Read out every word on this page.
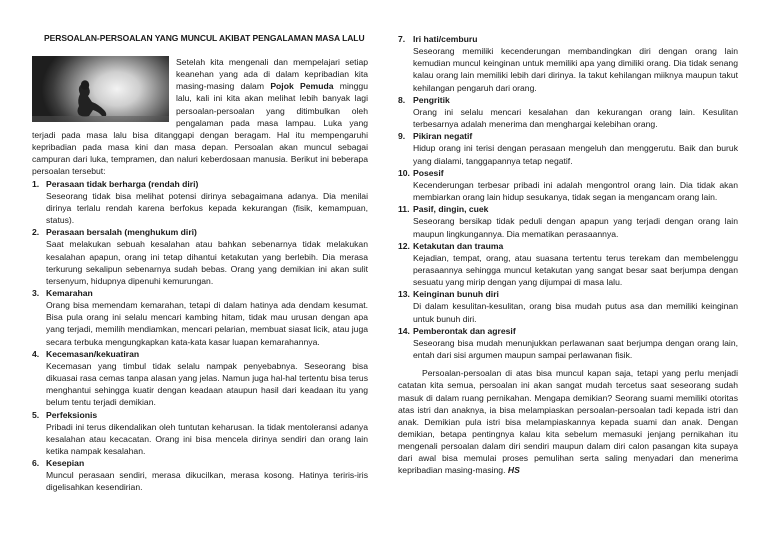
PERSOALAN-PERSOALAN YANG MUNCUL AKIBAT PENGALAMAN MASA LALU

Setelah kita mengenali dan mempelajari setiap keanehan yang ada di dalam kepribadian kita masing-masing dalam Pojok Pemuda minggu lalu, kali ini kita akan melihat lebih banyak lagi persoalan-persoalan yang ditimbulkan oleh pengalaman pada masa lampau. Luka yang terjadi pada masa lalu bisa ditanggapi dengan beragam. Hal itu mempengaruhi kepribadian pada masa kini dan masa depan. Persoalan akan muncul sebagai campuran dari luka, tempramen, dan naluri keberdosaan manusia. Berikut ini beberapa persoalan tersebut:

1. Perasaan tidak berharga (rendah diri)
Seseorang tidak bisa melihat potensi dirinya sebagaimana adanya. Dia menilai dirinya terlalu rendah karena berfokus kepada kekurangan (fisik, kemampuan, status).
2. Perasaan bersalah (menghukum diri)
Saat melakukan sebuah kesalahan atau bahkan sebenarnya tidak melakukan kesalahan apapun, orang ini tetap dihantui ketakutan yang berlebih. Dia merasa terkurung sekalipun sebenarnya sudah bebas. Orang yang demikian ini akan sulit tersenyum, hidupnya dipenuhi kemurungan.
3. Kemarahan
Orang bisa memendam kemarahan, tetapi di dalam hatinya ada dendam kesumat. Bisa pula orang ini selalu mencari kambing hitam, tidak mau urusan dengan apa yang terjadi, memilih mendiamkan, mencari pelarian, membuat siasat licik, atau juga secara terbuka mengungkapkan kata-kata kasar luapan kemarahannya.
4. Kecemasan/kekuatiran
Kecemasan yang timbul tidak selalu nampak penyebabnya. Seseorang bisa dikuasai rasa cemas tanpa alasan yang jelas. Namun juga hal-hal tertentu bisa terus menghantui sehingga kuatir dengan keadaan ataupun hasil dari keadaan itu yang belum tentu terjadi demikian.
5. Perfeksionis
Pribadi ini terus dikendalikan oleh tuntutan keharusan. Ia tidak mentoleransi adanya kesalahan atau kecacatan. Orang ini bisa mencela dirinya sendiri dan orang lain ketika nampak kesalahan.
6. Kesepian
Muncul perasaan sendiri, merasa dikucilkan, merasa kosong. Hatinya teriris-iris digelisahkan kesendirian.
7. Iri hati/cemburu
Seseorang memiliki kecenderungan membandingkan diri dengan orang lain kemudian muncul keinginan untuk memiliki apa yang dimiliki orang. Dia tidak senang kalau orang lain memiliki lebih dari dirinya. Ia takut kehilangan miiknya maupun takut kehilangan pengaruh dari orang.
8. Pengritik
Orang ini selalu mencari kesalahan dan kekurangan orang lain. Kesulitan terbesarnya adalah menerima dan menghargai kelebihan orang.
9. Pikiran negatif
Hidup orang ini terisi dengan perasaan mengeluh dan menggerutu. Baik dan buruk yang dialami, tanggapannya tetap negatif.
10. Posesif
Kecenderungan terbesar pribadi ini adalah mengontrol orang lain. Dia tidak akan membiarkan orang lain hidup sesukanya, tidak segan ia mengancam orang lain.
11. Pasif, dingin, cuek
Seseorang bersikap tidak peduli dengan apapun yang terjadi dengan orang lain maupun lingkungannya. Dia mematikan perasaannya.
12. Ketakutan dan trauma
Kejadian, tempat, orang, atau suasana tertentu terus terekam dan membelenggu perasaannya sehingga muncul ketakutan yang sangat besar saat berjumpa dengan sesuatu yang mirip dengan yang dijumpai di masa lalu.
13. Keinginan bunuh diri
Di dalam kesulitan-kesulitan, orang bisa mudah putus asa dan memiliki keinginan untuk bunuh diri.
14. Pemberontak dan agresif
Seseorang bisa mudah menunjukkan perlawanan saat berjumpa dengan orang lain, entah dari sisi argumen maupun sampai perlawanan fisik.

Persoalan-persoalan di atas bisa muncul kapan saja, tetapi yang perlu menjadi catatan kita semua, persoalan ini akan sangat mudah tercetus saat seseorang sudah masuk di dalam ruang pernikahan. Mengapa demikian? Seorang suami memiliki otoritas atas istri dan anaknya, ia bisa melampiaskan persoalan-persoalan tadi kepada istri dan anak. Demikian pula istri bisa melampiaskannya kepada suami dan anak. Dengan demikian, betapa pentingnya kalau kita sebelum memasuki jenjang pernikahan itu mengenali persoalan dalam diri sendiri maupun dalam diri calon pasangan kita supaya dari awal bisa memulai proses pemulihan serta saling menyadari dan menerima kepribadian masing-masing. HS
